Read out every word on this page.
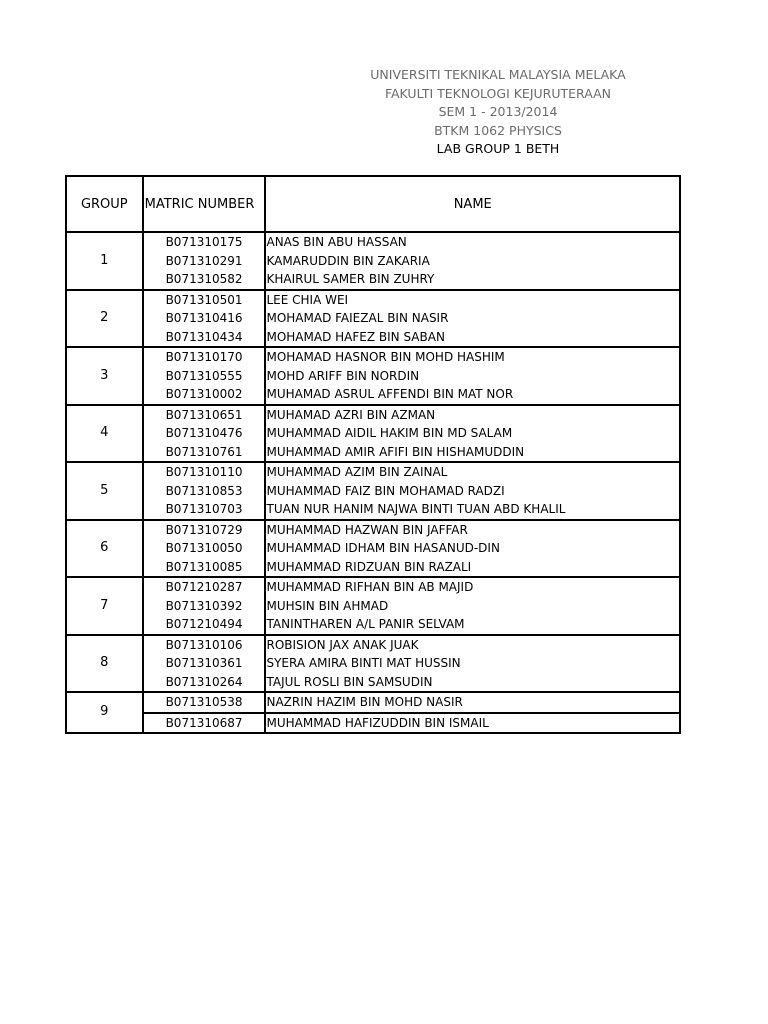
UNIVERSITI TEKNIKAL MALAYSIA MELAKA
FAKULTI TEKNOLOGI KEJURUTERAAN
SEM 1 - 2013/2014
BTKM 1062 PHYSICS
LAB GROUP 1 BETH
GROUP	MATRIC NUMBER	NAME
1	B071310175	ANAS BIN ABU HASSAN
	B071310291	KAMARUDDIN BIN ZAKARIA
	B071310582	KHAIRUL SAMER BIN ZUHRY
2	B071310501	LEE CHIA WEI
	B071310416	MOHAMAD FAIEZAL BIN NASIR
	B071310434	MOHAMAD HAFEZ BIN SABAN
3	B071310170	MOHAMAD HASNOR BIN MOHD HASHIM
	B071310555	MOHD ARIFF BIN NORDIN
	B071310002	MUHAMAD ASRUL AFFENDI BIN MAT NOR
4	B071310651	MUHAMAD AZRI BIN AZMAN
	B071310476	MUHAMMAD AIDIL HAKIM BIN MD SALAM
	B071310761	MUHAMMAD AMIR AFIFI BIN HISHAMUDDIN
5	B071310110	MUHAMMAD AZIM BIN ZAINAL
	B071310853	MUHAMMAD FAIZ BIN MOHAMAD RADZI
	B071310703	TUAN NUR HANIM NAJWA BINTI TUAN ABD KHALIL
6	B071310729	MUHAMMAD HAZWAN BIN JAFFAR
	B071310050	MUHAMMAD IDHAM BIN HASANUD-DIN
	B071310085	MUHAMMAD RIDZUAN BIN RAZALI
7	B071210287	MUHAMMAD RIFHAN BIN AB MAJID
	B071310392	MUHSIN BIN AHMAD
	B071210494	TANINTHAREN A/L PANIR SELVAM
8	B071310106	ROBISION JAX ANAK JUAK
	B071310361	SYERA AMIRA BINTI MAT HUSSIN
	B071310264	TAJUL ROSLI BIN SAMSUDIN
9	B071310538	NAZRIN HAZIM BIN MOHD NASIR
	B071310687	MUHAMMAD HAFIZUDDIN BIN ISMAIL
